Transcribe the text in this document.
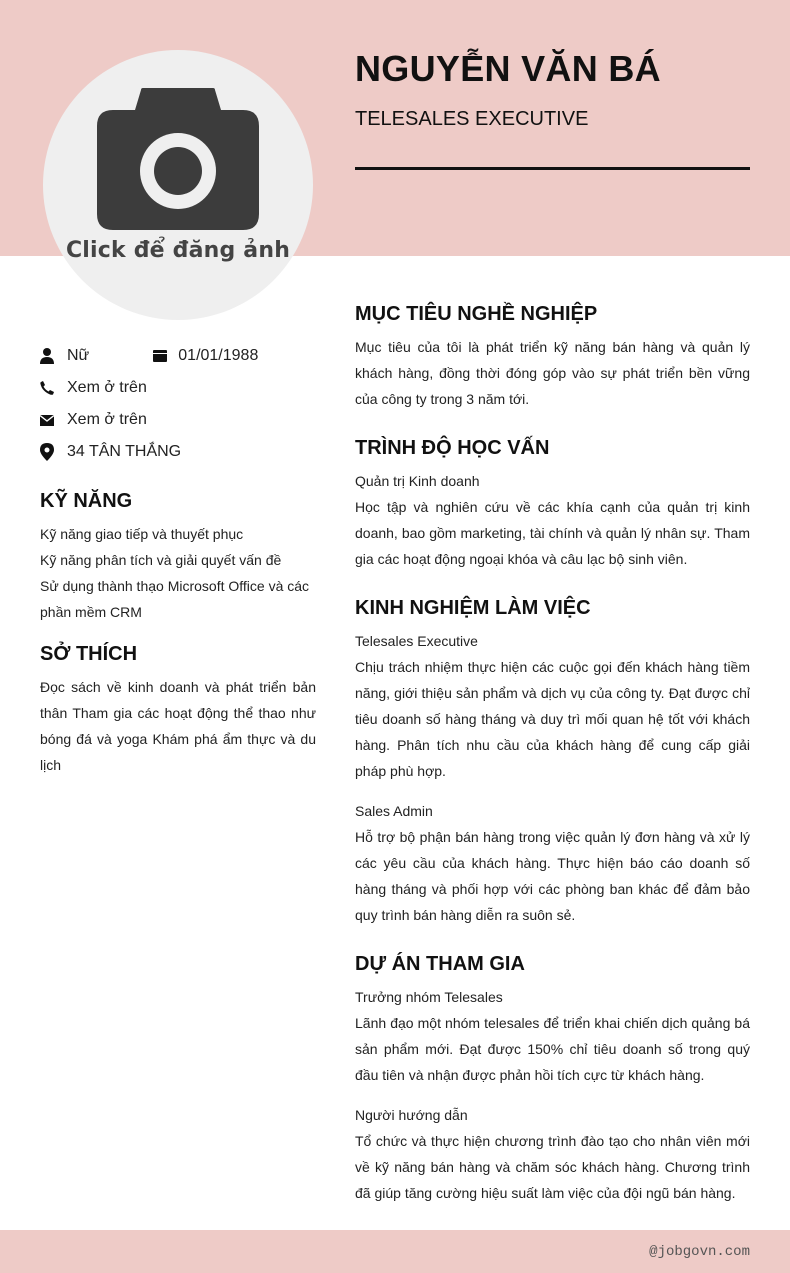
Click để đăng ảnh
NGUYỄN VĂN BÁ
TELESALES EXECUTIVE
Nữ	01/01/1988
Xem ở trên
Xem ở trên
34 TÂN THẮNG
KỸ NĂNG
Kỹ năng giao tiếp và thuyết phục
Kỹ năng phân tích và giải quyết vấn đề
Sử dụng thành thạo Microsoft Office và các phần mềm CRM
SỞ THÍCH
Đọc sách về kinh doanh và phát triển bản thân Tham gia các hoạt động thể thao như bóng đá và yoga Khám phá ẩm thực và du lịch
MỤC TIÊU NGHỀ NGHIỆP
Mục tiêu của tôi là phát triển kỹ năng bán hàng và quản lý khách hàng, đồng thời đóng góp vào sự phát triển bền vững của công ty trong 3 năm tới.
TRÌNH ĐỘ HỌC VẤN
Quản trị Kinh doanh
Học tập và nghiên cứu về các khía cạnh của quản trị kinh doanh, bao gồm marketing, tài chính và quản lý nhân sự. Tham gia các hoạt động ngoại khóa và câu lạc bộ sinh viên.
KINH NGHIỆM LÀM VIỆC
Telesales Executive
Chịu trách nhiệm thực hiện các cuộc gọi đến khách hàng tiềm năng, giới thiệu sản phẩm và dịch vụ của công ty. Đạt được chỉ tiêu doanh số hàng tháng và duy trì mối quan hệ tốt với khách hàng. Phân tích nhu cầu của khách hàng để cung cấp giải pháp phù hợp.
Sales Admin
Hỗ trợ bộ phận bán hàng trong việc quản lý đơn hàng và xử lý các yêu cầu của khách hàng. Thực hiện báo cáo doanh số hàng tháng và phối hợp với các phòng ban khác để đảm bảo quy trình bán hàng diễn ra suôn sẻ.
DỰ ÁN THAM GIA
Trưởng nhóm Telesales
Lãnh đạo một nhóm telesales để triển khai chiến dịch quảng bá sản phẩm mới. Đạt được 150% chỉ tiêu doanh số trong quý đầu tiên và nhận được phản hồi tích cực từ khách hàng.
Người hướng dẫn
Tổ chức và thực hiện chương trình đào tạo cho nhân viên mới về kỹ năng bán hàng và chăm sóc khách hàng. Chương trình đã giúp tăng cường hiệu suất làm việc của đội ngũ bán hàng.
@jobgovn.com
